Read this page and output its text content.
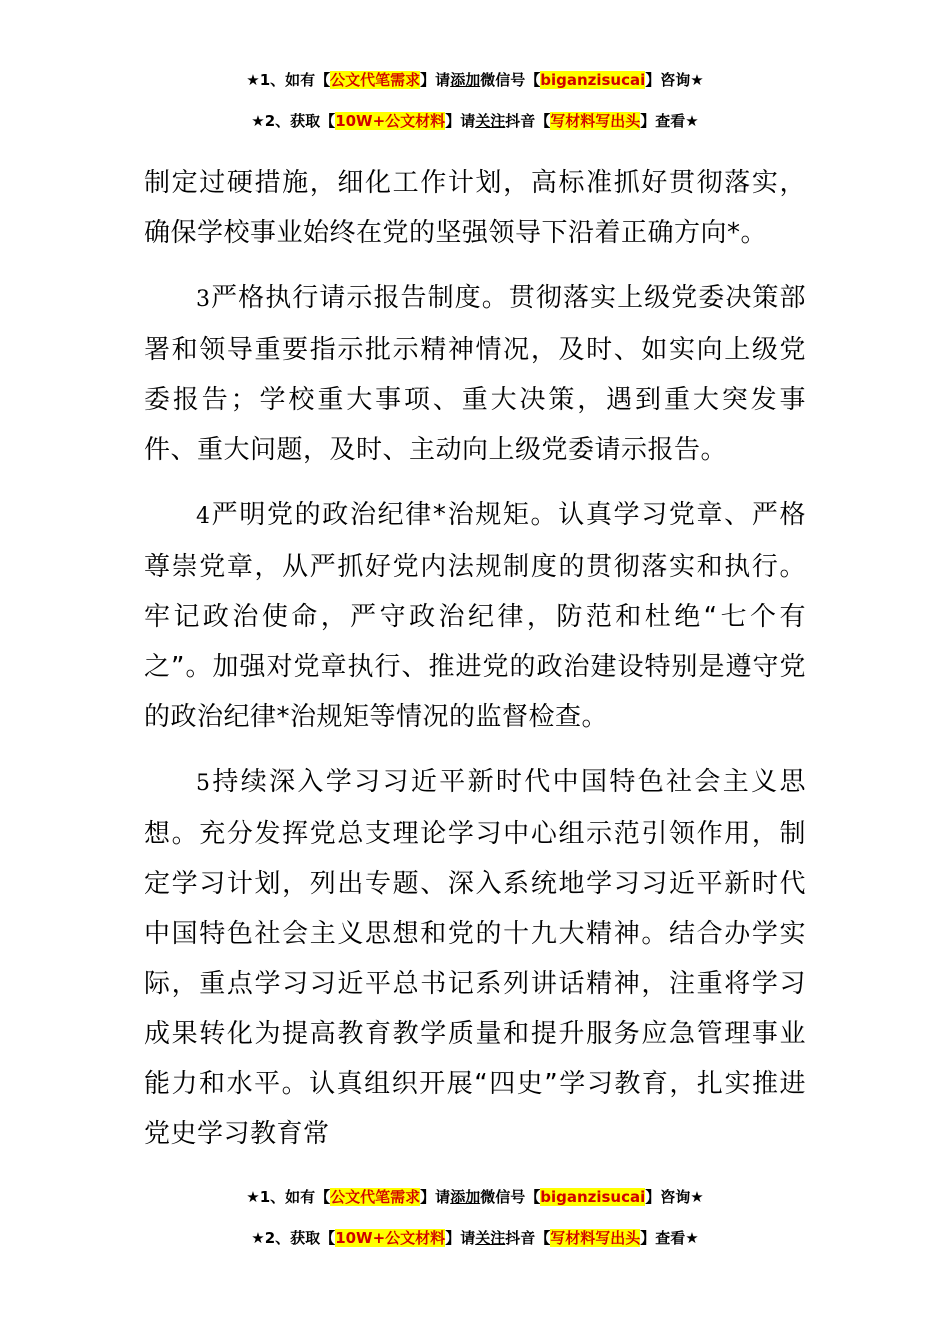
★1、如有【公文代笔需求】请添加微信号【biganzisucai】咨询★
★2、获取【10W+公文材料】请关注抖音【写材料写出头】查看★

制定过硬措施，细化工作计划，高标准抓好贯彻落实，确保学校事业始终在党的坚强领导下沿着正确方向*。

3严格执行请示报告制度。贯彻落实上级党委决策部署和领导重要指示批示精神情况，及时、如实向上级党委报告；学校重大事项、重大决策，遇到重大突发事件、重大问题，及时、主动向上级党委请示报告。

4严明党的政治纪律*治规矩。认真学习党章、严格尊崇党章，从严抓好党内法规制度的贯彻落实和执行。牢记政治使命，严守政治纪律，防范和杜绝“七个有之”。加强对党章执行、推进党的政治建设特别是遵守党的政治纪律*治规矩等情况的监督检查。

5持续深入学习习近平新时代中国特色社会主义思想。充分发挥党总支理论学习中心组示范引领作用，制定学习计划，列出专题、深入系统地学习习近平新时代中国特色社会主义思想和党的十九大精神。结合办学实际，重点学习习近平总书记系列讲话精神，注重将学习成果转化为提高教育教学质量和提升服务应急管理事业能力和水平。认真组织开展“四史”学习教育，扎实推进党史学习教育常

★1、如有【公文代笔需求】请添加微信号【biganzisucai】咨询★
★2、获取【10W+公文材料】请关注抖音【写材料写出头】查看★
